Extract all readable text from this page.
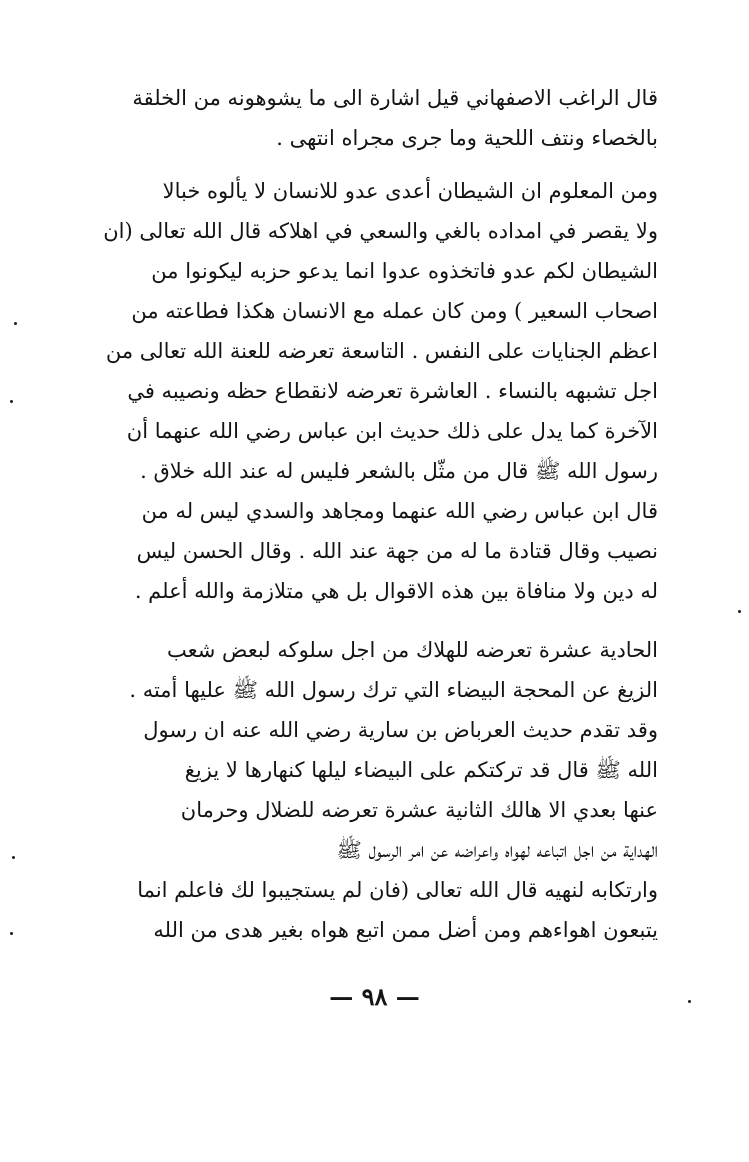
قال الراغب الاصفهاني قيل اشارة الى ما يشوهونه من الخلقة
بالخصاء ونتف اللحية وما جرى مجراه انتهى .
ومن المعلوم ان الشيطان أعدى عدو للانسان لا يألوه خبالا
ولا يقصر في امداده بالغي والسعي في اهلاكه قال الله تعالى (ان
الشيطان لكم عدو فاتخذوه عدوا انما يدعو حزبه ليكونوا من
اصحاب السعير ) ومن كان عمله مع الانسان هكذا فطاعته من
اعظم الجنايات على النفس . التاسعة تعرضه للعنة الله تعالى من
اجل تشبهه بالنساء . العاشرة تعرضه لانقطاع حظه ونصيبه في
الآخرة كما يدل على ذلك حديث ابن عباس رضي الله عنهما أن
رسول الله ﷺ قال من مثّل بالشعر فليس له عند الله خلاق .
قال ابن عباس رضي الله عنهما ومجاهد والسدي ليس له من
نصيب وقال قتادة ما له من جهة عند الله . وقال الحسن ليس
له دين ولا منافاة بين هذه الاقوال بل هي متلازمة والله أعلم .
الحادية عشرة تعرضه للهلاك من اجل سلوكه لبعض شعب
الزيغ عن المحجة البيضاء التي ترك رسول الله ﷺ عليها أمته .
وقد تقدم حديث العرباض بن سارية رضي الله عنه ان رسول
الله ﷺ قال قد تركتكم على البيضاء ليلها كنهارها لا يزيغ
عنها بعدي الا هالك الثانية عشرة تعرضه للضلال وحرمان
الهداية من اجل اتباعه لهواه واعراضه عن امر الرسول ﷺ
وارتكابه لنهيه قال الله تعالى (فان لم يستجيبوا لك فاعلم انما
يتبعون اهواءهم ومن أضل ممن اتبع هواه بغير هدى من الله
— ٩٨ —
